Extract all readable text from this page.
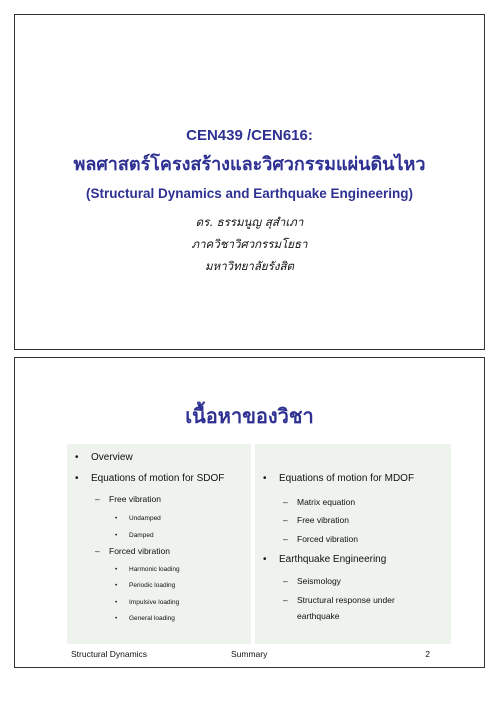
CEN439 /CEN616:

พลศาสตร์โครงสร้างและวิศวกรรมแผ่นดินไหว

(Structural Dynamics and Earthquake Engineering)

ดร. ธรรมนูญ สุสำเภา
ภาควิชาวิศวกรรมโยธา
มหาวิทยาลัยรังสิต
เนื้อหาของวิชา
• Overview
• Equations of motion for SDOF
– Free vibration
• Undamped
• Damped
– Forced vibration
• Harmonic loading
• Periodic loading
• Impulsive loading
• General loading
• Equations of motion for MDOF
– Matrix equation
– Free vibration
– Forced vibration
• Earthquake Engineering
– Seismology
– Structural response under
earthquake
Structural Dynamics	Summary	2
